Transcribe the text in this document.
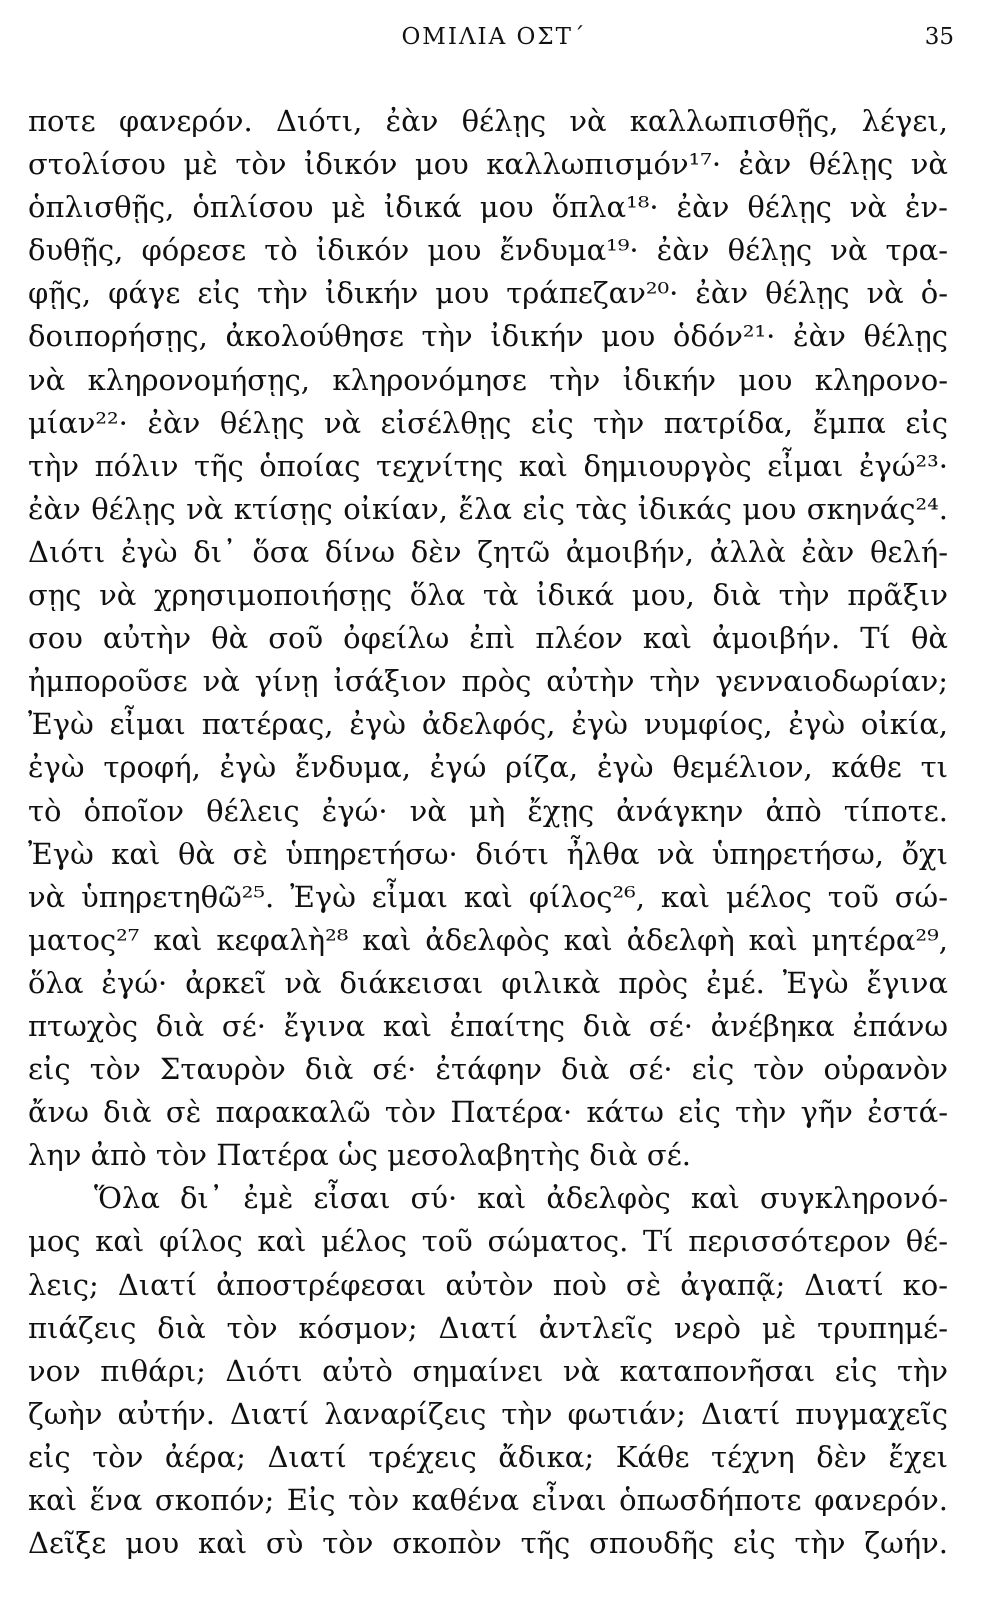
ΟΜΙΛΙΑ ΟΣΤ΄	35
ποτε φανερόν. Διότι, ἐὰν θέλῃς νὰ καλλωπισθῇς, λέγει,
στολίσου μὲ τὸν ἰδικόν μου καλλωπισμόν¹⁷· ἐὰν θέλῃς νὰ
ὁπλισθῇς, ὁπλίσου μὲ ἰδικά μου ὅπλα¹⁸· ἐὰν θέλῃς νὰ ἐν-
δυθῇς, φόρεσε τὸ ἰδικόν μου ἔνδυμα¹⁹· ἐὰν θέλῃς νὰ τρα-
φῇς, φάγε εἰς τὴν ἰδικήν μου τράπεζαν²⁰· ἐὰν θέλῃς νὰ ὁ-
δοιπορήσῃς, ἀκολούθησε τὴν ἰδικήν μου ὁδόν²¹· ἐὰν θέλῃς
νὰ κληρονομήσῃς, κληρονόμησε τὴν ἰδικήν μου κληρονο-
μίαν²²· ἐὰν θέλῃς νὰ εἰσέλθῃς εἰς τὴν πατρίδα, ἔμπα εἰς
τὴν πόλιν τῆς ὁποίας τεχνίτης καὶ δημιουργὸς εἶμαι ἐγώ²³·
ἐὰν θέλῃς νὰ κτίσῃς οἰκίαν, ἔλα εἰς τὰς ἰδικάς μου σκηνάς²⁴.
Διότι ἐγὼ δι᾽ ὅσα δίνω δὲν ζητῶ ἀμοιβήν, ἀλλὰ ἐὰν θελή-
σῃς νὰ χρησιμοποιήσῃς ὅλα τὰ ἰδικά μου, διὰ τὴν πρᾶξιν
σου αὐτὴν θὰ σοῦ ὀφείλω ἐπὶ πλέον καὶ ἀμοιβήν. Τί θὰ
ἠμποροῦσε νὰ γίνῃ ἰσάξιον πρὸς αὐτὴν τὴν γενναιοδωρίαν;
Ἐγὼ εἶμαι πατέρας, ἐγὼ ἀδελφός, ἐγὼ νυμφίος, ἐγὼ οἰκία,
ἐγὼ τροφή, ἐγὼ ἔνδυμα, ἐγώ ρίζα, ἐγὼ θεμέλιον, κάθε τι
τὸ ὁποῖον θέλεις ἐγώ· νὰ μὴ ἔχῃς ἀνάγκην ἀπὸ τίποτε.
Ἐγὼ καὶ θὰ σὲ ὑπηρετήσω· διότι ἦλθα νὰ ὑπηρετήσω, ὄχι
νὰ ὑπηρετηθῶ²⁵. Ἐγὼ εἶμαι καὶ φίλος²⁶, καὶ μέλος τοῦ σώ-
ματος²⁷ καὶ κεφαλὴ²⁸ καὶ ἀδελφὸς καὶ ἀδελφὴ καὶ μητέρα²⁹,
ὅλα ἐγώ· ἀρκεῖ νὰ διάκεισαι φιλικὰ πρὸς ἐμέ. Ἐγὼ ἔγινα
πτωχὸς διὰ σέ· ἔγινα καὶ ἐπαίτης διὰ σέ· ἀνέβηκα ἐπάνω
εἰς τὸν Σταυρὸν διὰ σέ· ἐτάφην διὰ σέ· εἰς τὸν οὐρανὸν
ἄνω διὰ σὲ παρακαλῶ τὸν Πατέρα· κάτω εἰς τὴν γῆν ἐστά-
λην ἀπὸ τὸν Πατέρα ὡς μεσολαβητὴς διὰ σέ.
Ὅλα δι᾽ ἐμὲ εἶσαι σύ· καὶ ἀδελφὸς καὶ συγκληρονό-
μος καὶ φίλος καὶ μέλος τοῦ σώματος. Τί περισσότερον θέ-
λεις; Διατί ἀποστρέφεσαι αὐτὸν ποὺ σὲ ἀγαπᾷ; Διατί κο-
πιάζεις διὰ τὸν κόσμον; Διατί ἀντλεῖς νερὸ μὲ τρυπημέ-
νον πιθάρι; Διότι αὐτὸ σημαίνει νὰ καταπονῆσαι εἰς τὴν
ζωὴν αὐτήν. Διατί λαναρίζεις τὴν φωτιάν; Διατί πυγμαχεῖς
εἰς τὸν ἀέρα; Διατί τρέχεις ἄδικα; Κάθε τέχνη δὲν ἔχει
καὶ ἕνα σκοπόν; Εἰς τὸν καθένα εἶναι ὁπωσδήποτε φανερόν.
Δεῖξε μου καὶ σὺ τὸν σκοπὸν τῆς σπουδῆς εἰς τὴν ζωήν.
